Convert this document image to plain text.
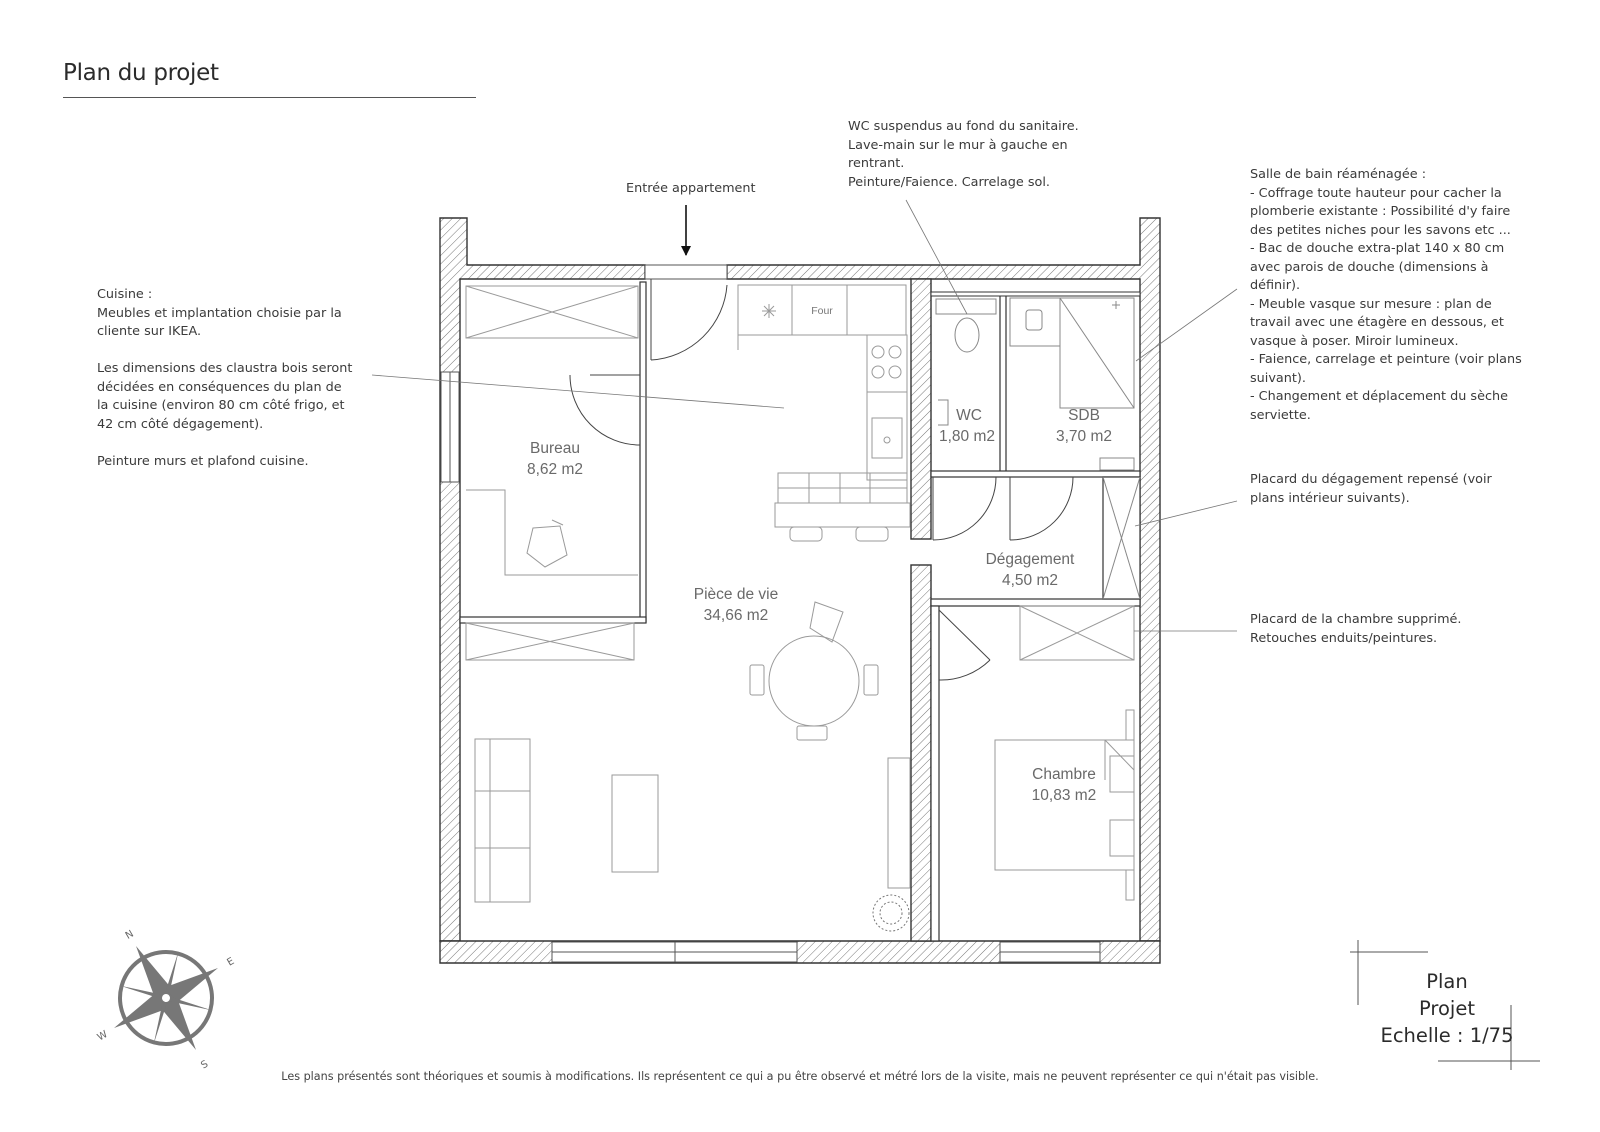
Plan du projet
Bureau
8,62 m2
Pièce de vie
34,66 m2
WC
1,80 m2
SDB
3,70 m2
Dégagement
4,50 m2
Chambre
10,83 m2
Four
N
S
E
W
Entrée appartement
WC suspendus au fond du sanitaire.
Lave-main sur le mur à gauche en
rentrant.
Peinture/Faience. Carrelage sol.
Cuisine :
Meubles et implantation choisie par la
cliente sur IKEA.

Les dimensions des claustra bois seront
décidées en conséquences du plan de
la cuisine (environ 80 cm côté frigo, et
42 cm côté dégagement).

Peinture murs et plafond cuisine.
Salle de bain réaménagée :
- Coffrage toute hauteur pour cacher la
plomberie existante : Possibilité d'y faire
des petites niches pour les savons etc ...
- Bac de douche extra-plat 140 x 80 cm
avec parois de douche (dimensions à
définir).
- Meuble vasque sur mesure : plan de
travail avec une étagère en dessous, et
vasque à poser. Miroir lumineux.
- Faience, carrelage et peinture (voir plans
suivant).
- Changement et déplacement du sèche
serviette.
Placard du dégagement repensé (voir
plans intérieur suivants).
Placard de la chambre supprimé.
Retouches enduits/peintures.
Plan
Projet
Echelle : 1/75
Les plans présentés sont théoriques et soumis à modifications. Ils représentent ce qui a pu être observé et métré lors de la visite, mais ne peuvent représenter ce qui n'était pas visible.
